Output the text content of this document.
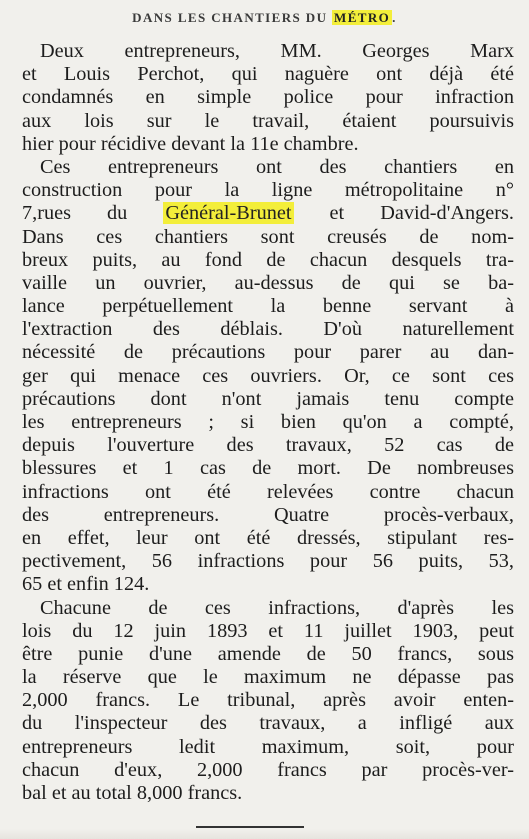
DANS LES CHANTIERS DU MÉTRO .
Deux entrepreneurs, MM. Georges Marx
et Louis Perchot, qui naguère ont déjà été
condamnés en simple police pour infraction
aux lois sur le travail, étaient poursuivis
hier pour récidive devant la 11e chambre.
Ces entrepreneurs ont des chantiers en
construction pour la ligne métropolitaine n°
7,rues du Général-Brunet et David-d'Angers.
Dans ces chantiers sont creusés de nom-
breux puits, au fond de chacun desquels tra-
vaille un ouvrier, au-dessus de qui se ba-
lance perpétuellement la benne servant à
l'extraction des déblais. D'où naturellement
nécessité de précautions pour parer au dan-
ger qui menace ces ouvriers. Or, ce sont ces
précautions dont n'ont jamais tenu compte
les entrepreneurs ; si bien qu'on a compté,
depuis l'ouverture des travaux, 52 cas de
blessures et 1 cas de mort. De nombreuses
infractions ont été relevées contre chacun
des entrepreneurs. Quatre procès-verbaux,
en effet, leur ont été dressés, stipulant res-
pectivement, 56 infractions pour 56 puits, 53,
65 et enfin 124.
Chacune de ces infractions, d'après les
lois du 12 juin 1893 et 11 juillet 1903, peut
être punie d'une amende de 50 francs, sous
la réserve que le maximum ne dépasse pas
2,000 francs. Le tribunal, après avoir enten-
du l'inspecteur des travaux, a infligé aux
entrepreneurs ledit maximum, soit, pour
chacun d'eux, 2,000 francs par procès-ver-
bal et au total 8,000 francs.
